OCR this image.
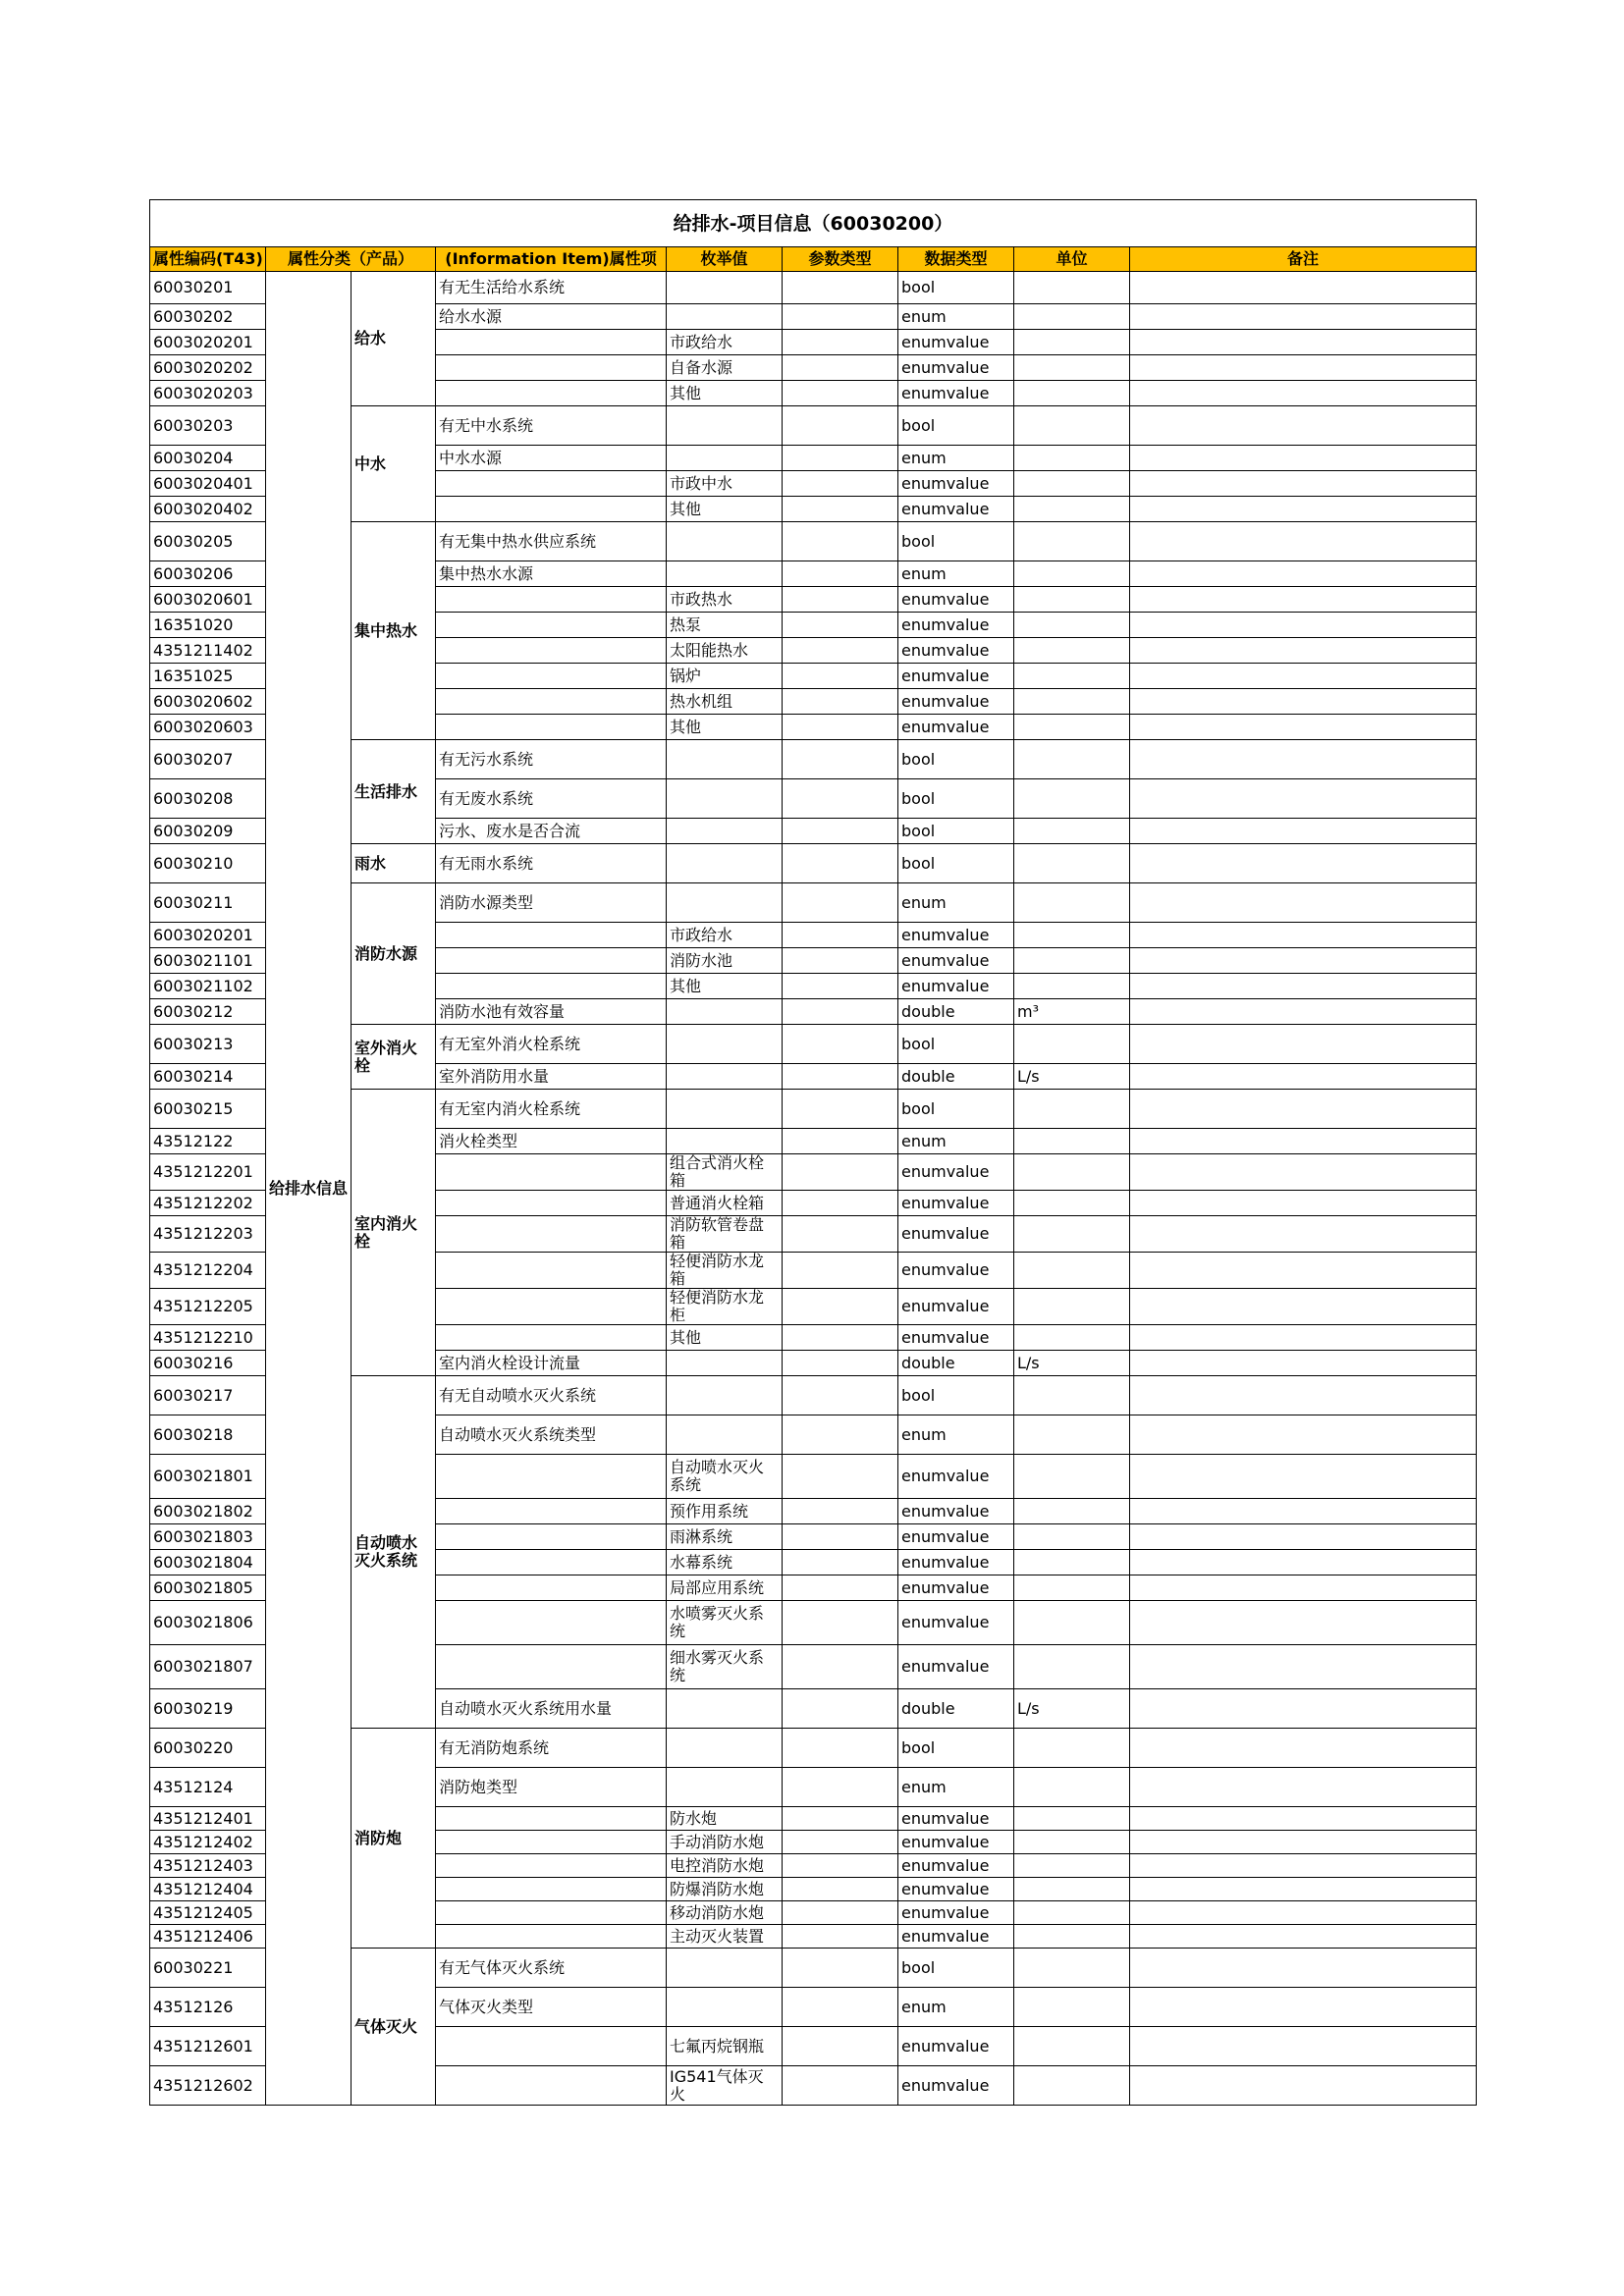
给排水-项目信息（60030200）								
属性编码(T43)	属性分类（产品）		(Information Item)属性项	枚举值	参数类型	数据类型	单位	备注
60030201	给排水信息	给水	有无生活给水系统			bool		
60030202			给水水源			enum		
6003020201				市政给水		enumvalue		
6003020202				自备水源		enumvalue		
6003020203				其他		enumvalue		
60030203		中水	有无中水系统			bool		
60030204			中水水源			enum		
6003020401				市政中水		enumvalue		
6003020402				其他		enumvalue		
60030205		集中热水	有无集中热水供应系统			bool		
60030206			集中热水水源			enum		
6003020601				市政热水		enumvalue		
16351020				热泵		enumvalue		
4351211402				太阳能热水		enumvalue		
16351025				锅炉		enumvalue		
6003020602				热水机组		enumvalue		
6003020603				其他		enumvalue		
60030207		生活排水	有无污水系统			bool		
60030208			有无废水系统			bool		
60030209			污水、废水是否合流			bool		
60030210		雨水	有无雨水系统			bool		
60030211		消防水源	消防水源类型			enum		
6003020201				市政给水		enumvalue		
6003021101				消防水池		enumvalue		
6003021102				其他		enumvalue		
60030212			消防水池有效容量			double	m³	
60030213		室外消火栓	有无室外消火栓系统			bool		
60030214			室外消防用水量			double	L/s	
60030215		室内消火栓	有无室内消火栓系统			bool		
43512122			消火栓类型			enum		
4351212201				组合式消火栓箱		enumvalue		
4351212202				普通消火栓箱		enumvalue		
4351212203				消防软管卷盘箱		enumvalue		
4351212204				轻便消防水龙箱		enumvalue		
4351212205				轻便消防水龙柜		enumvalue		
4351212210				其他		enumvalue		
60030216			室内消火栓设计流量			double	L/s	
60030217		自动喷水灭火系统	有无自动喷水灭火系统			bool		
60030218			自动喷水灭火系统类型			enum		
6003021801				自动喷水灭火系统		enumvalue		
6003021802				预作用系统		enumvalue		
6003021803				雨淋系统		enumvalue		
6003021804				水幕系统		enumvalue		
6003021805				局部应用系统		enumvalue		
6003021806				水喷雾灭火系统		enumvalue		
6003021807				细水雾灭火系统		enumvalue		
60030219			自动喷水灭火系统用水量			double	L/s	
60030220		消防炮	有无消防炮系统			bool		
43512124			消防炮类型			enum		
4351212401				防水炮		enumvalue		
4351212402				手动消防水炮		enumvalue		
4351212403				电控消防水炮		enumvalue		
4351212404				防爆消防水炮		enumvalue		
4351212405				移动消防水炮		enumvalue		
4351212406				主动灭火装置		enumvalue		
60030221		气体灭火	有无气体灭火系统			bool		
43512126			气体灭火类型			enum		
4351212601				七氟丙烷钢瓶		enumvalue		
4351212602				IG541气体灭火		enumvalue		
